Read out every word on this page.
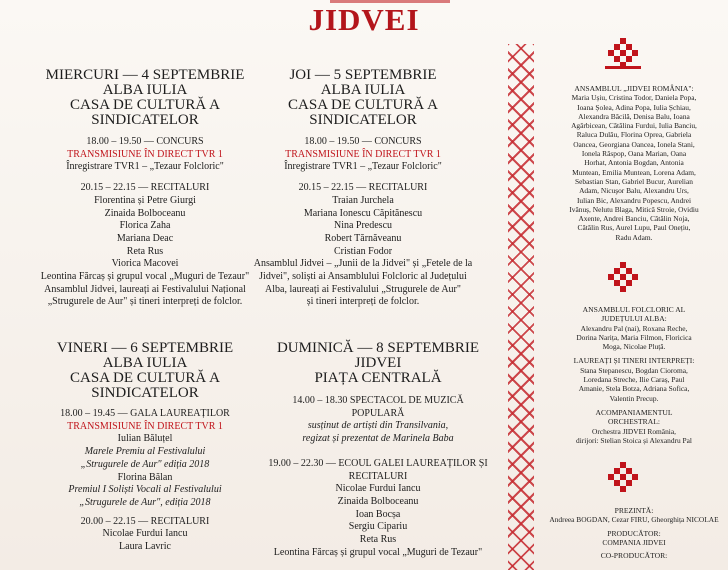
JIDVEI
MIERCURI — 4 SEPTEMBRIE
ALBA IULIA
CASA DE CULTURĂ A
SINDICATELOR
18.00 – 19.50 — CONCURS
TRANSMISIUNE ÎN DIRECT TVR 1
Înregistrare TVR1 – „Tezaur Folcloric"
20.15 – 22.15 — RECITALURI
Florentina și Petre Giurgi
Zinaida Bolboceanu
Florica Zaha
Mariana Deac
Reta Rus
Viorica Macovei
Leontina Fărcaș și grupul vocal „Muguri de Tezaur"
Ansamblul Jidvei, laureați ai Festivalului Național
„Strugurele de Aur" și tineri interpreți de folclor.
JOI — 5 SEPTEMBRIE
ALBA IULIA
CASA DE CULTURĂ A
SINDICATELOR
18.00 – 19.50 — CONCURS
TRANSMISIUNE ÎN DIRECT TVR 1
Înregistrare TVR1 – „Tezaur Folcloric"
20.15 – 22.15 — RECITALURI
Traian Jurchela
Mariana Ionescu Căpitănescu
Nina Predescu
Robert Tărnăveanu
Cristian Fodor
Ansamblul Jidvei – „Junii de la Jidvei" și „Fetele de la
Jidvei", soliști ai Ansamblului Folcloric al Județului
Alba, laureați ai Festivalului „Strugurele de Aur"
și tineri interpreți de folclor.
VINERI — 6 SEPTEMBRIE
ALBA IULIA
CASA DE CULTURĂ A
SINDICATELOR
18.00 – 19.45 — GALA LAUREAȚILOR
TRANSMISIUNE ÎN DIRECT TVR 1
Iulian Băluțel
Marele Premiu al Festivalului
„Strugurele de Aur" ediția 2018
Florina Bălan
Premiul I Soliști Vocali al Festivalului
„Strugurele de Aur", ediția 2018
20.00 – 22.15 — RECITALURI
Nicolae Furdui Iancu
Laura Lavric
DUMINICĂ — 8 SEPTEMBRIE
JIDVEI
PIAȚA CENTRALĂ
14.00 – 18.30 SPECTACOL DE MUZICĂ
POPULARĂ
susținut de artiști din Transilvania,
regizat și prezentat de Marinela Baba
19.00 – 22.30 — ECOUL GALEI LAUREAȚILOR ȘI
RECITALURI
Nicolae Furdui Iancu
Zinaida Bolboceanu
Ioan Bocșa
Sergiu Cipariu
Reta Rus
Leontina Fărcaș și grupul vocal „Muguri de Tezaur"
ANSAMBLUL „JIDVEI ROMÂNIA":
Maria Ușiu, Cristina Todor, Daniela Popa,
Ioana Șolea, Adina Popa, Iulia Șchiau,
Alexandra Băcilă, Denisa Balu, Ioana
Agârbicean, Cătălina Furdui, Iulia Banciu,
Raluca Dulău, Florina Oprea, Gabriela
Oancea, Georgiana Oancea, Ionela Stani,
Ionela Râspop, Oana Marian, Oana
Horhat, Antonia Bogdan, Antonia
Muntean, Emilia Muntean, Lorena Adam,
Sebastian Stan, Gabriel Bucur, Aurelian
Adam, Nicuşor Balu, Alexandru Urs,
Iulian Bic, Alexandru Popescu, Andrei
Ivănuș, Nelutu Blaga, Mitică Stroie, Ovidiu
Axente, Andrei Banciu, Cătălin Noja,
Cătălin Rus, Aurel Lupu, Paul Onețiu,
Radu Adam.
ANSAMBLUL FOLCLORIC AL
JUDEȚULUI ALBA:
Alexandru Pal (nai), Roxana Reche,
Dorina Narița, Maria Filmon, Floricica
Moga, Nicolae Pluță.
LAUREAȚI ȘI TINERI INTERPREȚI:
Stana Stepanescu, Bogdan Cioroma,
Loredana Streche, Ilie Caraș, Paul
Amanie, Stela Botza, Adriana Sofica,
Valentin Precup.
ACOMPANIAMENTUL
ORCHESTRAL:
Orchestra JIDVEI România,
dirijori: Stelian Stoica și Alexandru Pal
PREZINTĂ:
Andreea BOGDAN, Cezar FIRU, Gheorghița NICOLAE
PRODUCĂTOR:
COMPANIA JIDVEI
CO-PRODUCĂTOR:
